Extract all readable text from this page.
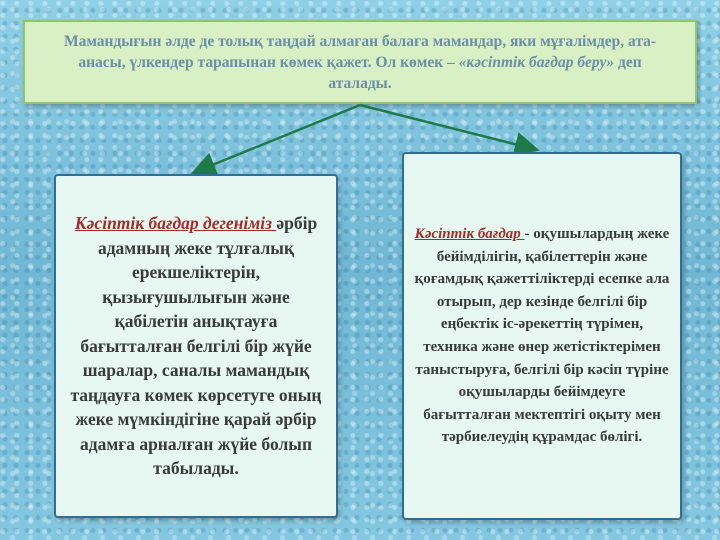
Мамандығын әлде де толық таңдай алмаған балаға мамандар, яки мұғалімдер, ата-анасы, үлкендер тарапынан көмек қажет. Ол көмек – «кәсіптік бағдар беру» деп аталады.
Кәсіптік бағдар дегеніміз әрбір адамның жеке тұлғалық ерекшеліктерін, қызығушылығын және қабілетін анықтауға бағытталған белгілі бір жүйе шаралар, саналы мамандық таңдауға көмек көрсетуге оның жеке мүмкіндігіне қарай әрбір адамға арналған жүйе болып табылады.
Кәсіптік бағдар - оқушылардың жеке бейімділігін, қабілеттерін және қоғамдық қажеттіліктерді есепке ала отырып, дер кезінде белгілі бір еңбектік іс-әрекеттің түрімен, техника және өнер жетістіктерімен таныстыруға, белгілі бір кәсіп түріне оқушыларды бейімдеуге бағытталған мектептігі оқыту мен тәрбиелеудің құрамдас бөлігі.
